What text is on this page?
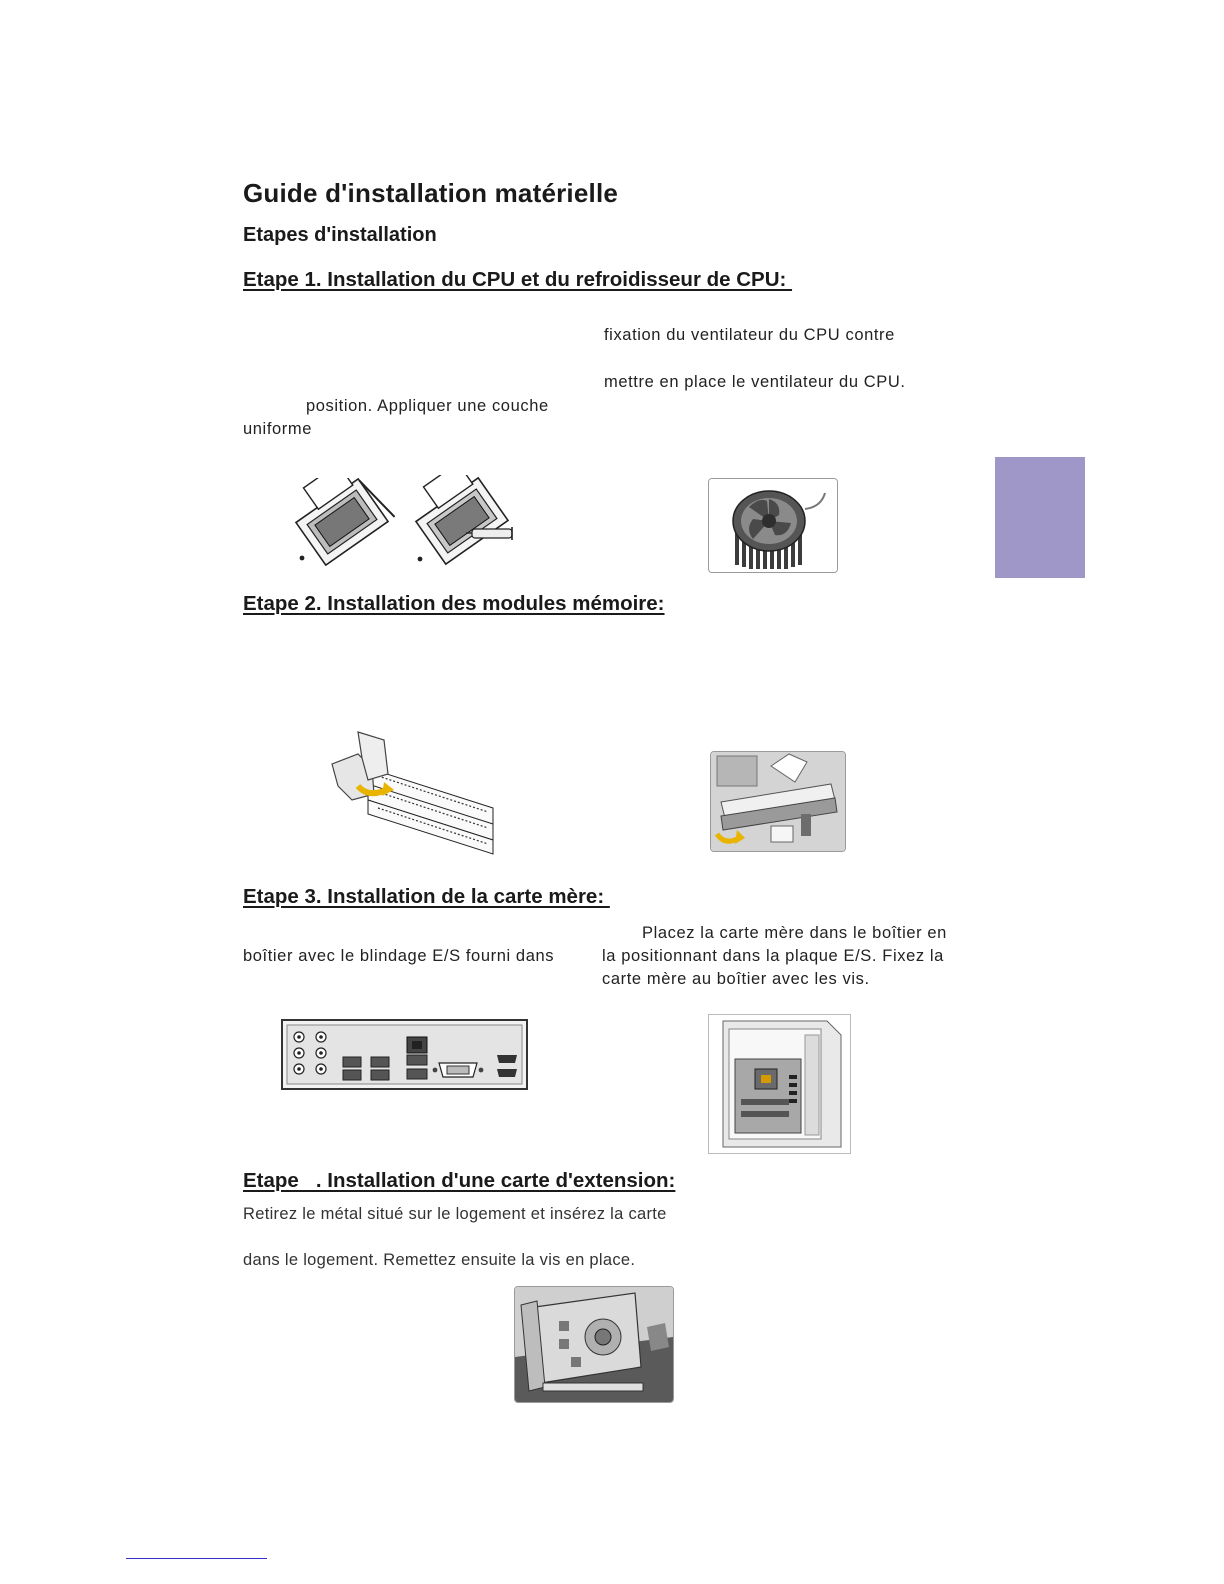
Guide d'installation matérielle
Etapes d'installation
Etape 1. Installation du CPU et du refroidisseur de CPU:
fixation du ventilateur du CPU contre
mettre en place le ventilateur du CPU.
position. Appliquer une couche
uniforme
Etape 2. Installation des modules mémoire:
Etape 3. Installation de la carte mère:
Placez la carte mère dans le boîtier en
boîtier avec le blindage E/S fourni dans	la positionnant dans la plaque E/S. Fixez la
carte mère au boîtier avec les vis.
Etape   . Installation d'une carte d'extension:
Retirez le métal situé sur le logement et insérez la carte
dans le logement. Remettez ensuite la vis en place.
